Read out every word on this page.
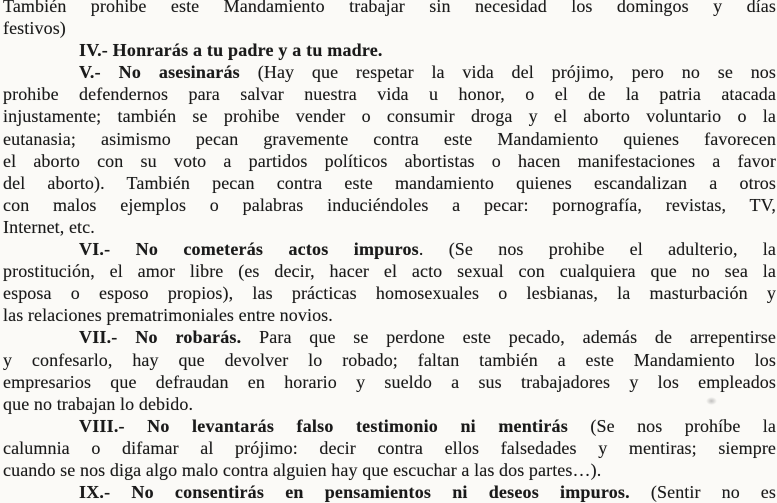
También prohibe este Mandamiento trabajar sin necesidad los domingos y días
festivos)
IV.- Honrarás a tu padre y a tu madre.
V.- No asesinarás (Hay que respetar la vida del prójimo, pero no se nos
prohibe defendernos para salvar nuestra vida u honor, o el de la patria atacada
injustamente; también se prohibe vender o consumir droga y el aborto voluntario o la
eutanasia; asimismo pecan gravemente contra este Mandamiento quienes favorecen
el aborto con su voto a partidos políticos abortistas o hacen manifestaciones a favor
del aborto). También pecan contra este mandamiento quienes escandalizan a otros
con malos ejemplos o palabras induciéndoles a pecar: pornografía, revistas, TV,
Internet, etc.
VI.- No cometerás actos impuros. (Se nos prohibe el adulterio, la
prostitución, el amor libre (es decir, hacer el acto sexual con cualquiera que no sea la
esposa o esposo propios), las prácticas homosexuales o lesbianas, la masturbación y
las relaciones prematrimoniales entre novios.
VII.- No robarás. Para que se perdone este pecado, además de arrepentirse
y confesarlo, hay que devolver lo robado; faltan también a este Mandamiento los
empresarios que defraudan en horario y sueldo a sus trabajadores y los empleados
que no trabajan lo debido.
VIII.- No levantarás falso testimonio ni mentirás (Se nos prohíbe la
calumnia o difamar al prójimo: decir contra ellos falsedades y mentiras; siempre
cuando se nos diga algo malo contra alguien hay que escuchar a las dos partes…).
IX.- No consentirás en pensamientos ni deseos impuros. (Sentir no es
